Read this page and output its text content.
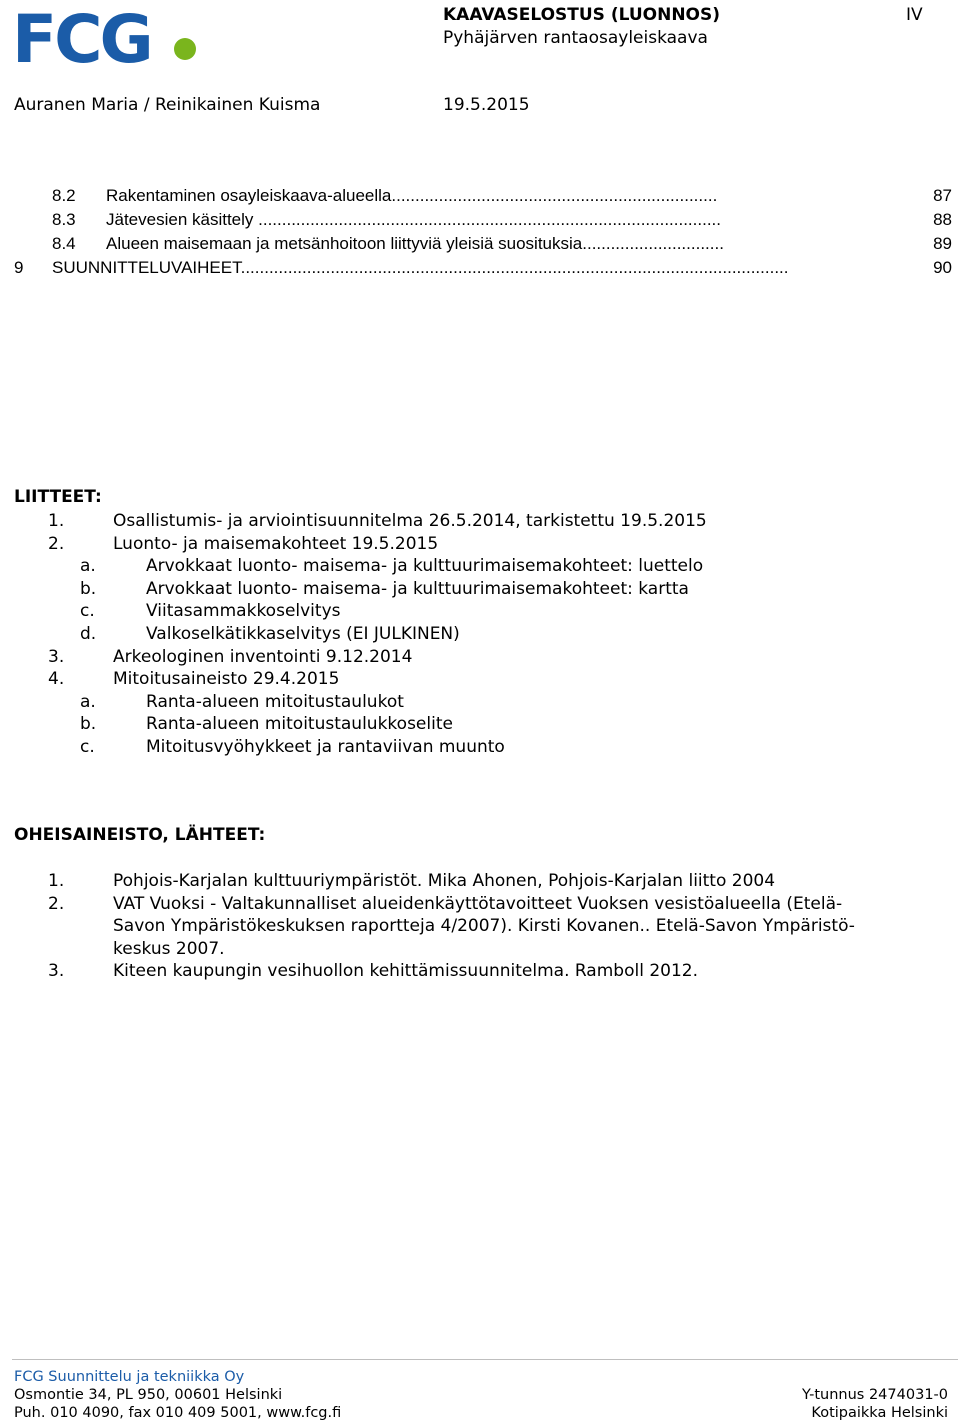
FCG	KAAVASELOSTUS (LUONNOS)
Pyhäjärven rantaosayleiskaava
IV
Auranen Maria / Reinikainen Kuisma	19.5.2015
8.2 Rakentaminen osayleiskaava-alueella.....................................................................	87
8.3 Jätevesien käsittely ..................................................................................................	88
8.4 Alueen maisemaan ja metsänhoitoon liittyviä yleisiä suosituksia..............................	89
9 SUUNNITTELUVAIHEET....................................................................................................................	90
LIITTEET:
1.	Osallistumis- ja arviointisuunnitelma 26.5.2014, tarkistettu 19.5.2015
2.	Luonto- ja maisemakohteet 19.5.2015
a.	Arvokkaat luonto- maisema- ja kulttuurimaisemakohteet: luettelo
b.	Arvokkaat luonto- maisema- ja kulttuurimaisemakohteet: kartta
c.	Viitasammakkoselvitys
d.	Valkoselkätikkaselvitys (EI JULKINEN)
3.	Arkeologinen inventointi 9.12.2014
4.	Mitoitusaineisto 29.4.2015
a.	Ranta-alueen mitoitustaulukot
b.	Ranta-alueen mitoitustaulukkoselite
c.	Mitoitusvyöhykkeet ja rantaviivan muunto
OHEISAINEISTO, LÄHTEET:
1.	Pohjois-Karjalan kulttuuriympäristöt. Mika Ahonen, Pohjois-Karjalan liitto 2004
2.	VAT Vuoksi - Valtakunnalliset alueidenkäyttötavoitteet Vuoksen vesistöalueella (Etelä-
Savon Ympäristökeskuksen raportteja 4/2007). Kirsti Kovanen.. Etelä-Savon Ympäristö-
keskus 2007.
3.	Kiteen kaupungin vesihuollon kehittämissuunnitelma. Ramboll 2012.
FCG Suunnittelu ja tekniikka Oy
Osmontie 34, PL 950, 00601 Helsinki
Puh. 010 4090, fax 010 409 5001, www.fcg.fi
Y-tunnus 2474031-0
Kotipaikka Helsinki
